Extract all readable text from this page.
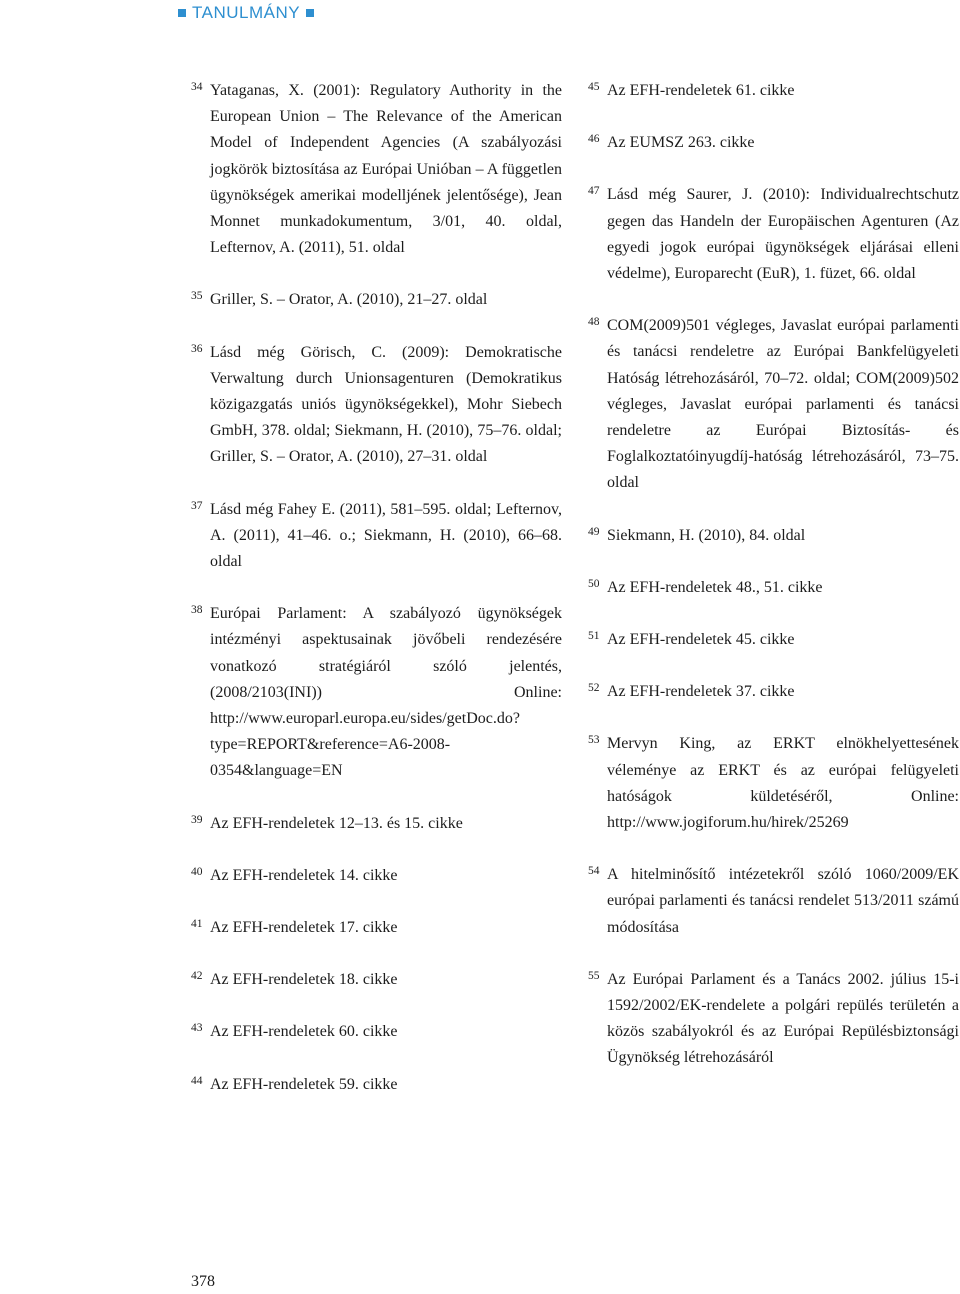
TANULMÁNY
34 Yataganas, X. (2001): Regulatory Authority in the European Union – The Relevance of the American Model of Independent Agencies (A szabályozási jogkörök biztosítása az Európai Unióban – A független ügynökségek amerikai modelljének jelentősége), Jean Monnet munkadokumentum, 3/01, 40. oldal, Lefternov, A. (2011), 51. oldal
35 Griller, S. – Orator, A. (2010), 21–27. oldal
36 Lásd még Görisch, C. (2009): Demokratische Verwaltung durch Unionsagenturen (Demokratikus közigazgatás uniós ügynökségekkel), Mohr Siebech GmbH, 378. oldal; Siekmann, H. (2010), 75–76. oldal; Griller, S. – Orator, A. (2010), 27–31. oldal
37 Lásd még Fahey E. (2011), 581–595. oldal; Lefternov, A. (2011), 41–46. o.; Siekmann, H. (2010), 66–68. oldal
38 Európai Parlament: A szabályozó ügynökségek intézményi aspektusainak jövőbeli rendezésére vonatkozó stratégiáról szóló jelentés, (2008/2103(INI)) Online: http://www.europarl.europa.eu/sides/getDoc.do?type=REPORT&reference=A6-2008-0354&language=EN
39 Az EFH-rendeletek 12–13. és 15. cikke
40 Az EFH-rendeletek 14. cikke
41 Az EFH-rendeletek 17. cikke
42 Az EFH-rendeletek 18. cikke
43 Az EFH-rendeletek 60. cikke
44 Az EFH-rendeletek 59. cikke
45 Az EFH-rendeletek 61. cikke
46 Az EUMSZ 263. cikke
47 Lásd még Saurer, J. (2010): Individualrechtschutz gegen das Handeln der Europäischen Agenturen (Az egyedi jogok európai ügynökségek eljárásai elleni védelme), Europarecht (EuR), 1. füzet, 66. oldal
48 COM(2009)501 végleges, Javaslat európai parlamenti és tanácsi rendeletre az Európai Bankfelügyeleti Hatóság létrehozásáról, 70–72. oldal; COM(2009)502 végleges, Javaslat európai parlamenti és tanácsi rendeletre az Európai Biztosítás- és Foglalkoztatóinyugdíj-hatóság létrehozásáról, 73–75. oldal
49 Siekmann, H. (2010), 84. oldal
50 Az EFH-rendeletek 48., 51. cikke
51 Az EFH-rendeletek 45. cikke
52 Az EFH-rendeletek 37. cikke
53 Mervyn King, az ERKT elnökhelyettesének véleménye az ERKT és az európai felügyeleti hatóságok küldetéséről, Online: http://www.jogiforum.hu/hirek/25269
54 A hitelminősítő intézetekről szóló 1060/2009/EK európai parlamenti és tanácsi rendelet 513/2011 számú módosítása
55 Az Európai Parlament és a Tanács 2002. július 15-i 1592/2002/EK-rendelete a polgári repülés területén a közös szabályokról és az Európai Repülésbiztonsági Ügynökség létrehozásáról
378
